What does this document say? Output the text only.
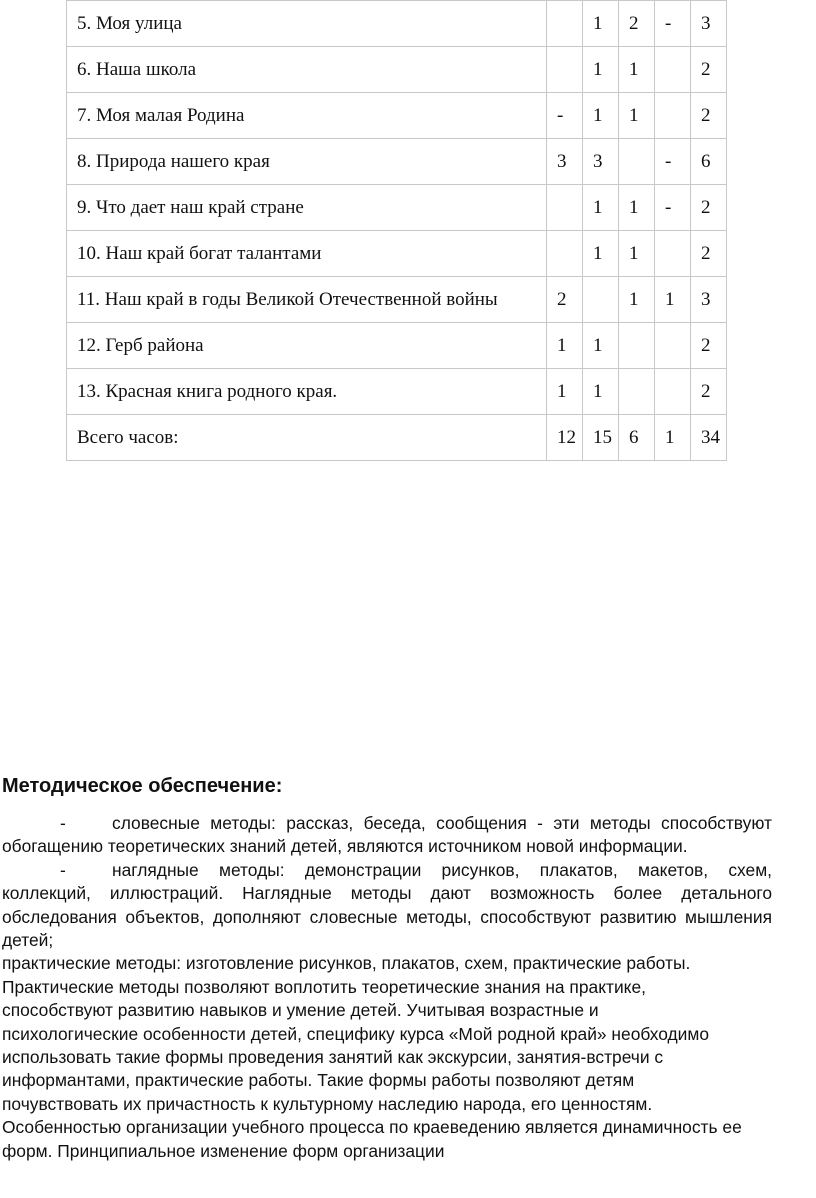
5. Моя улица		1	2	-	3
6. Наша школа		1	1		2
7. Моя малая Родина	-	1	1		2
8. Природа нашего края	3	3		-	6
9. Что дает наш край стране		1	1	-	2
10. Наш край богат талантами		1	1		2
11. Наш край в годы Великой Отечественной войны	2		1	1	3
12. Герб района	1	1			2
13. Красная книга родного края.	1	1			2
Всего часов:	12	15	6	1	34
Методическое обеспечение:

-	словесные методы: рассказ, беседа, сообщения - эти методы способствуют обогащению теоретических знаний детей, являются источником новой информации.

-	наглядные методы: демонстрации рисунков, плакатов, макетов, схем, коллекций, иллюстраций. Наглядные методы дают возможность более детального обследования объектов, дополняют словесные методы, способствуют развитию мышления детей;

практические методы: изготовление рисунков, плакатов, схем, практические работы.

Практические методы позволяют воплотить теоретические знания на практике,

способствуют развитию навыков и умение детей. Учитывая возрастные и

психологические особенности детей, специфику курса «Мой родной край» необходимо

использовать такие формы проведения занятий как экскурсии, занятия-встречи с

информантами, практические работы. Такие формы работы позволяют детям

почувствовать их причастность к культурному наследию народа, его ценностям.

Особенностью организации учебного процесса по краеведению является динамичность ее

форм. Принципиальное изменение форм организации
